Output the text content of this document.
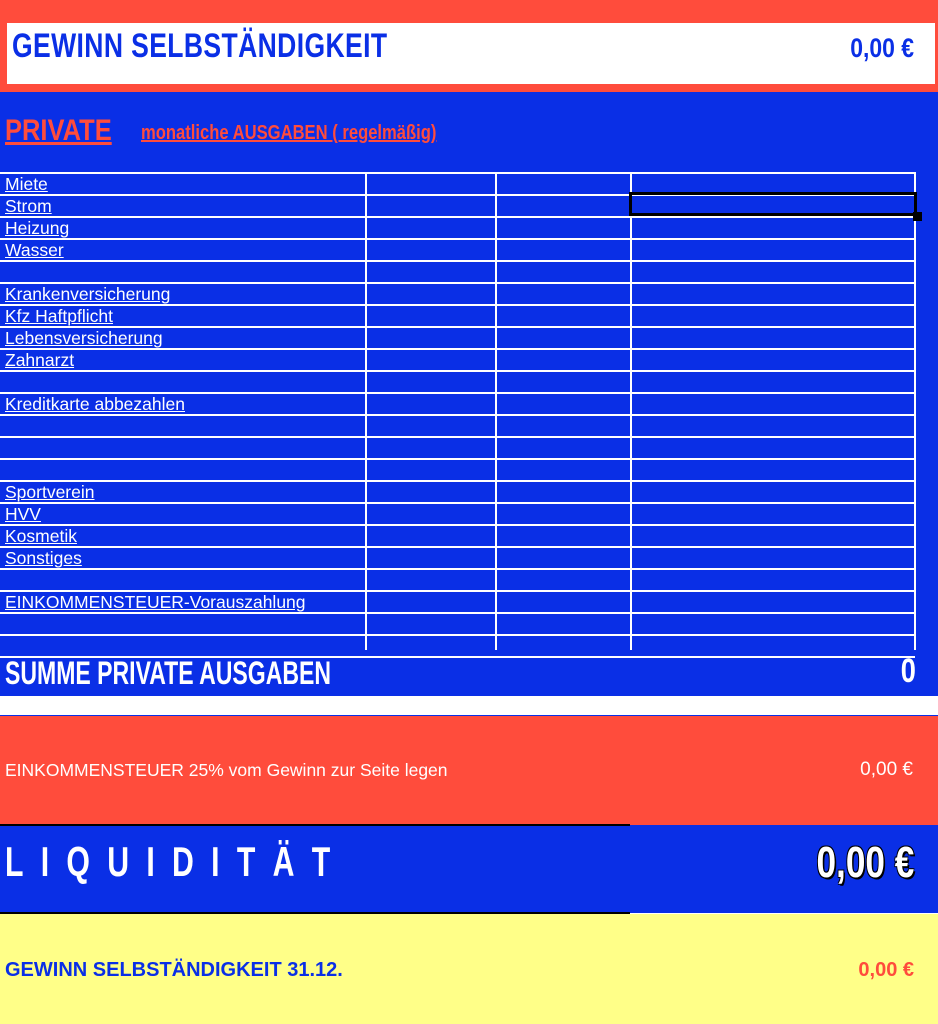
GEWINN SELBSTÄNDIGKEIT	0,00 €
PRIVATE monatliche AUSGABEN ( regelmäßig)
Miete
Strom
Heizung
Wasser
Krankenversicherung
Kfz Haftpflicht
Lebensversicherung
Zahnarzt
Kreditkarte abbezahlen
Sportverein
HVV
Kosmetik
Sonstiges
EINKOMMENSTEUER-Vorauszahlung
SUMME PRIVATE AUSGABEN	0
EINKOMMENSTEUER 25% vom Gewinn zur Seite legen	0,00 €
LIQUIDITÄT	0,00 €
GEWINN SELBSTÄNDIGKEIT 31.12.	0,00 €
